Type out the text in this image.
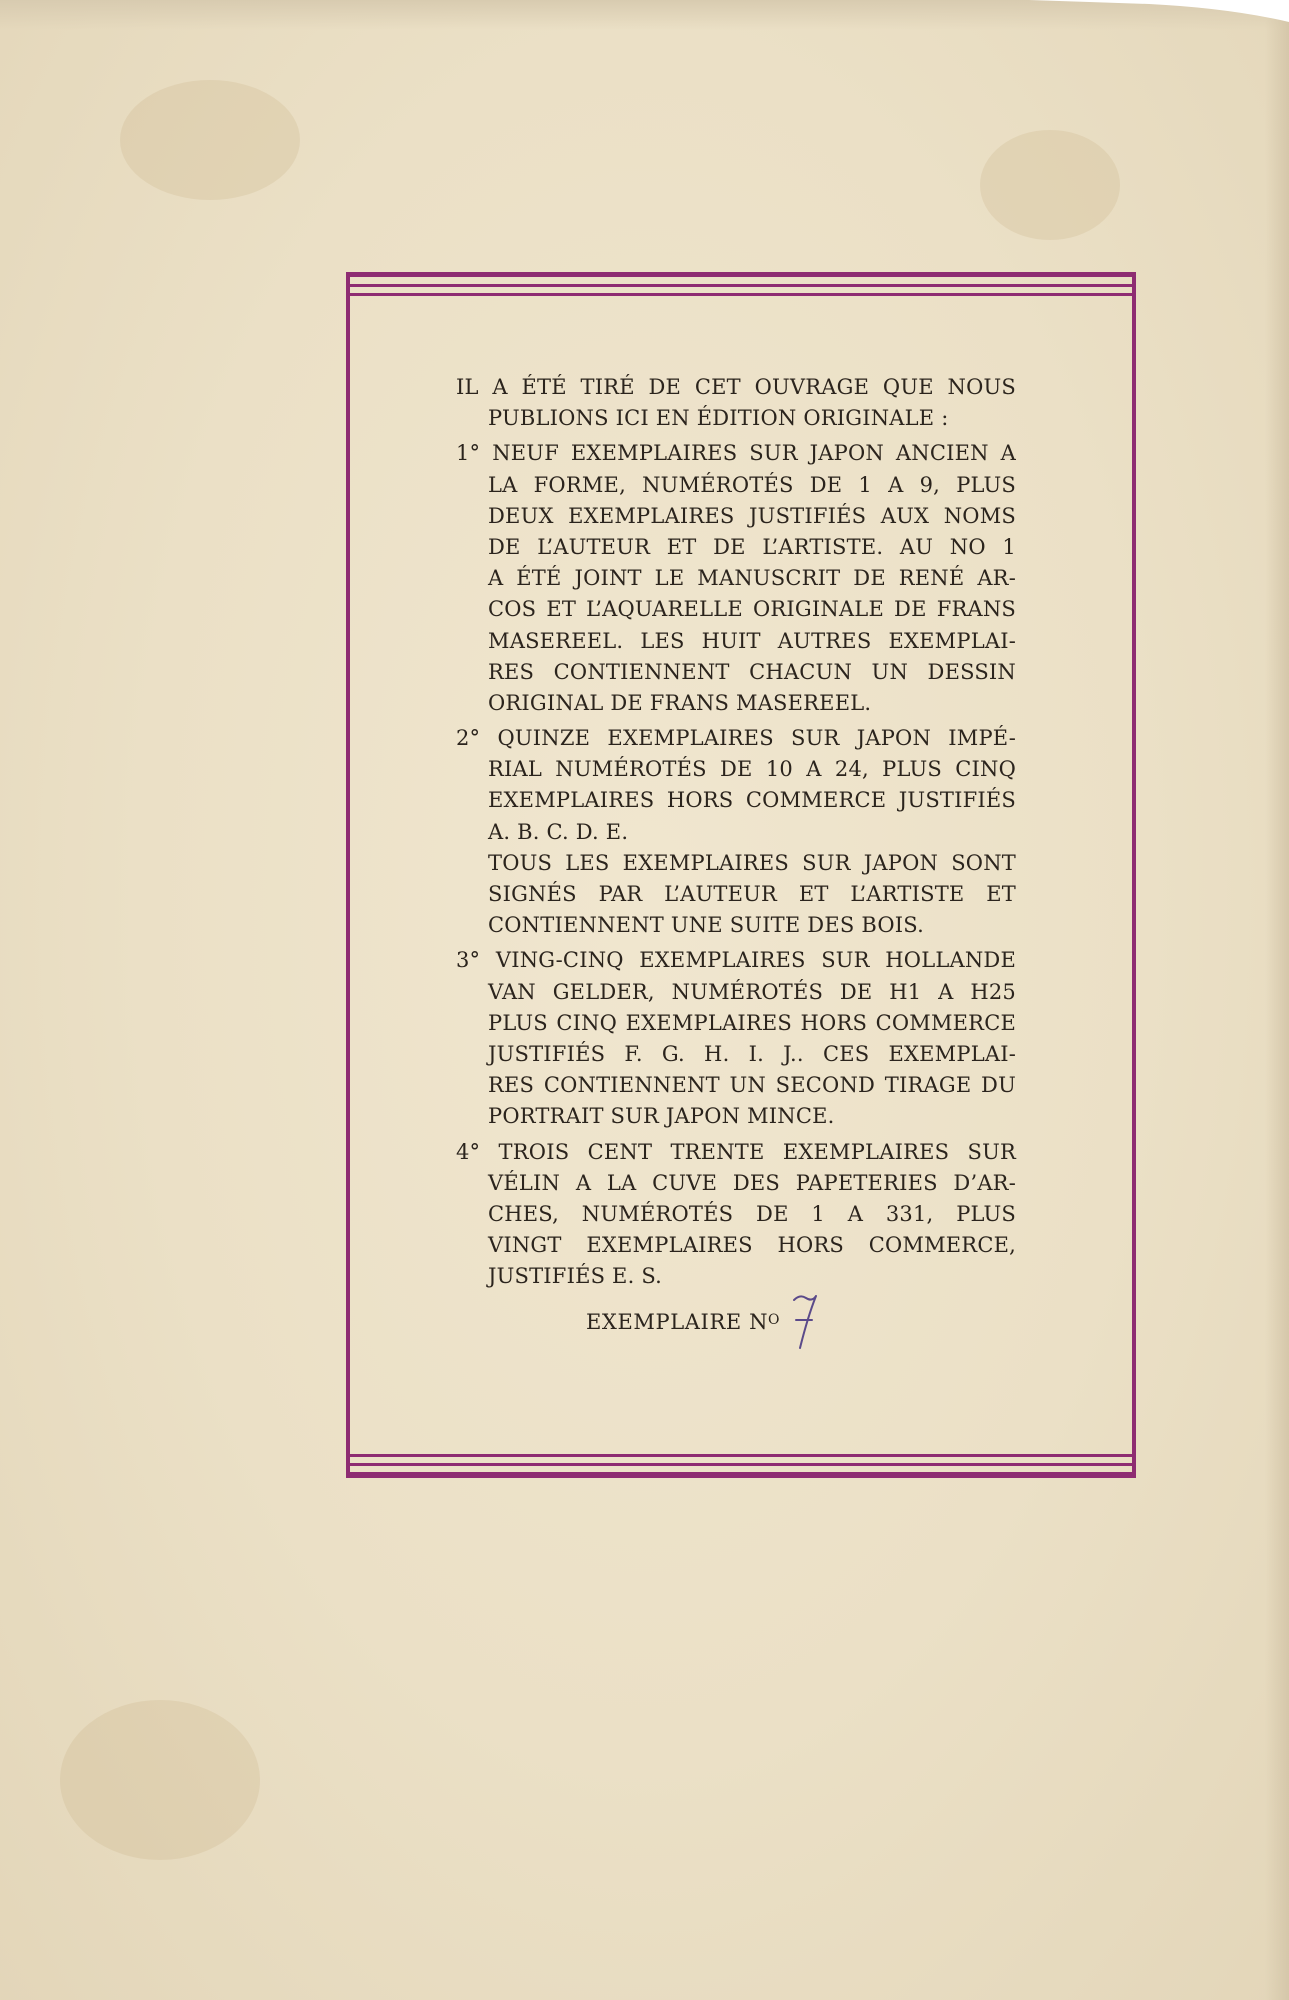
IL A ÉTÉ TIRÉ DE CET OUVRAGE QUE NOUS
PUBLIONS ICI EN ÉDITION ORIGINALE :
1° NEUF EXEMPLAIRES SUR JAPON ANCIEN A
LA FORME, NUMÉROTÉS DE 1 A 9, PLUS
DEUX EXEMPLAIRES JUSTIFIÉS AUX NOMS
DE L’AUTEUR ET DE L’ARTISTE. AU NO 1
A ÉTÉ JOINT LE MANUSCRIT DE RENÉ AR-
COS ET L’AQUARELLE ORIGINALE DE FRANS
MASEREEL. LES HUIT AUTRES EXEMPLAI-
RES CONTIENNENT CHACUN UN DESSIN
ORIGINAL DE FRANS MASEREEL.
2° QUINZE EXEMPLAIRES SUR JAPON IMPÉ-
RIAL NUMÉROTÉS DE 10 A 24, PLUS CINQ
EXEMPLAIRES HORS COMMERCE JUSTIFIÉS
A. B. C. D. E.
TOUS LES EXEMPLAIRES SUR JAPON SONT
SIGNÉS PAR L’AUTEUR ET L’ARTISTE ET
CONTIENNENT UNE SUITE DES BOIS.
3° VING-CINQ EXEMPLAIRES SUR HOLLANDE
VAN GELDER, NUMÉROTÉS DE H1 A H25
PLUS CINQ EXEMPLAIRES HORS COMMERCE
JUSTIFIÉS F. G. H. I. J.. CES EXEMPLAI-
RES CONTIENNENT UN SECOND TIRAGE DU
PORTRAIT SUR JAPON MINCE.
4° TROIS CENT TRENTE EXEMPLAIRES SUR
VÉLIN A LA CUVE DES PAPETERIES D’AR-
CHES, NUMÉROTÉS DE 1 A 331, PLUS
VINGT EXEMPLAIRES HORS COMMERCE,
JUSTIFIÉS E. S.
EXEMPLAIRE $N^O$
